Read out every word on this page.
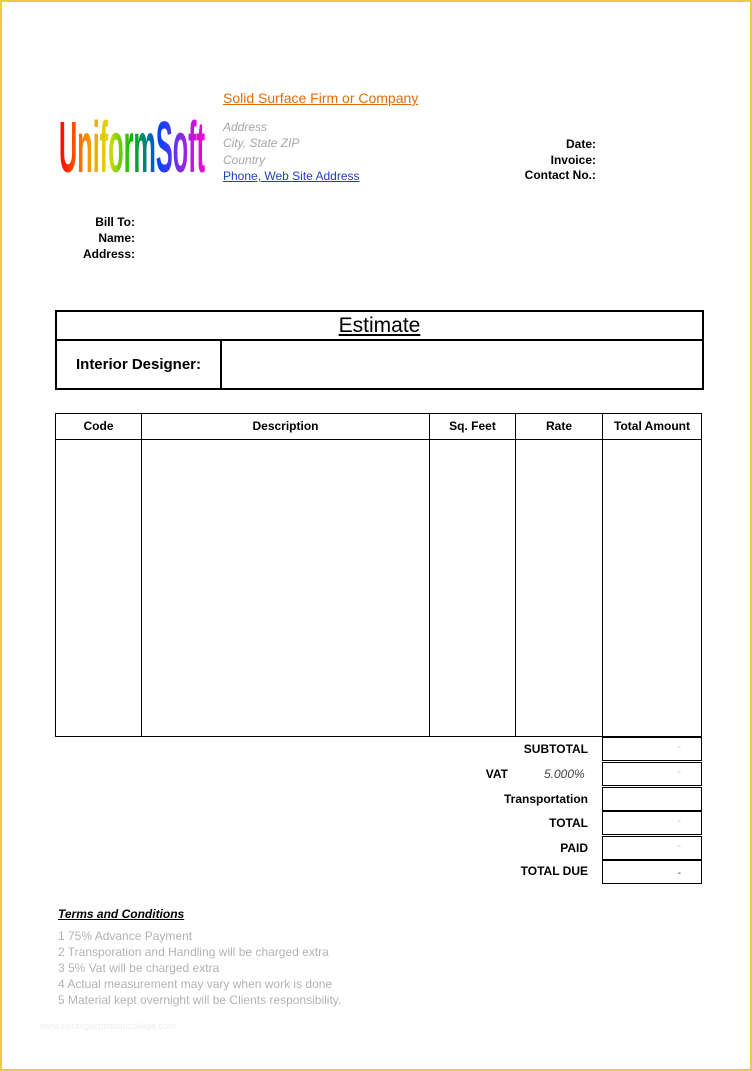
UniformSoft
Solid Surface Firm or Company
Address
City, State ZIP
Country
Phone, Web Site Address
Date:
Invoice:
Contact No.:
Bill To:
Name:
Address:
Estimate
Interior Designer:
Code	Description	Sq. Feet	Rate	Total Amount
SUBTOTAL	-
VAT	5.000%	-
Transportation
TOTAL	-
PAID	-
TOTAL DUE	-
Terms and Conditions
1 75% Advance Payment
2 Transporation and Handling will be charged extra
3 5% Vat will be charged extra
4 Actual measurement may vary when work is done
5 Material kept overnight will be Clients responsibility.
www.heritagechristiancollege.com
